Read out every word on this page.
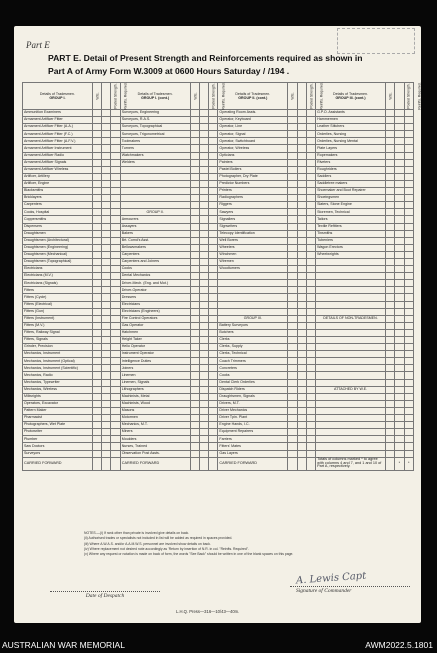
Part E
PART E. Detail of Present Strength and Reinforcements required as shown in
Part A of Army Form W.3009 at 0600 Hours Saturday / /194 .
Details of Tradesmen.

GROUP I.	W.E.	Posted Strength.	Reinfts. Required.	Details of Tradesmen.

GROUP I. (cont.)	W.E.	Posted Strength.	Reinfts. Required.	Details of Tradesmen.

GROUP II. (cont.)	W.E.	Posted Strength.	Reinfts. Required.	Details of Tradesmen.

GROUP III. (cont.)	W.E.	Posted Strength.	Reinfts. Required.
Ammunition Examiners				Surveyors, Engineering				Operating Room Assts.				G.P.O. Assistants			
Armament Artificer Fitter				Surveyors, R.A.S.				Operator, Keyboard				Hammermen			
Armament Artificer Fitter (A.A.)				Surveyors, Topographical				Operator, Line				Leather Stitchers			
Armament Artificer Fitter (F.C.)				Surveyors, Trigonometrical				Operator, Signal				Orderlies, Nursing			
Armament Artificer Fitter (A.F.V.)				Toolmakers				Operator, Switchboard				Orderlies, Nursing Mental			
Armament Artificer Instrument				Turners				Operator, Wireless				Plate Layers			
Armament Artificer Radio				Watchmakers				Opticians				Ropemakers			
Armament Artificer Signals				Welders				Painters				Riveters			
Armament Artificer Wireless								Pastel Boilers				Roughriders			
Artificer, Artillery								Photographer, Dry Plate				Saddlers			
Artificer, Engine								Predictor Numbers				Saddletree makers			
Blacksmiths								Printers				Shoemaker and Boot Repairer			
Bricklayers								Radiographers				Shoeingsmen			
Carpenters								Riggers				Slaters, Stone Engine			
Cooks, Hospital				GROUP II.				Sawyers				Storemen, Technical			
Coppersmiths				Armourers				Signallers				Tailors			
Dispensers				Assayers				Signwriters				Textile Refitters			
Draughtsmen				Bakers				Telecopy Identification				Tinsmiths			
Draughtsmen (Architectural)				Brt. Comd's Asst.				Well Borers				Tubeniers			
Draughtsmen (Engineering)				Bellowsmakers				Wheelers				Wagon Erectors			
Draughtsmen (Mechanical)				Carpenters				Winchmen				Wheelwrights			
Draughtsmen (Topographical)				Carpenters and Joiners				Wiremen							
Electricians				Cooks				Woodturners							
Electricians (M.V.)				Dental Mechanics											
Electricians (Signals)				Driver-Mech. (Eng. and Mot.)											
Fitters				Driver-Operator											
Fitters (Cycle)				Dressers											
Fitters (Electrical)				Electricians											
Fitters (Gun)				Electricians (Engineers)											
Fitters (Instrument)				Fire Control Operators				GROUP III.				DETAILS OF NON-TRADESMEN.			
Fitters (M.V.)				Gas Operator				Battery Surveyors							
Fitters, Railway Signal				Hatchmen				Butchers							
Fitters, Signals				Height Taker				Clerks							
Grinder, Precision				Helio Operator				Clerks, Supply							
Mechanics, Instrument				Instrument Operator				Clerks, Technical							
Mechanics, Instrument (Optical)				Intelligence Duties				Coach Trimmers							
Mechanics, Instrument (Scientific)				Joiners				Concreters							
Mechanics, Radio				Linemen				Cooks							
Mechanics, Typewriter				Linemen, Signals				Dental Clerk Orderlies							
Mechanics, Wireless				Lithographers				Dispatch Riders				ATTACHED BY W.E.			
Millwrights				Machinists, Metal				Draughtsmen, Signals							
Operators, Excavator				Machinists, Wood				Drivers, M.T.							
Pattern Maker				Masons				Driver Mechanics							
Pharmacist				Motormen				Driver Tpin. Plant							
Photographers, Wet Plate				Mechanics, M.T.				Engine Hands, I.C.							
Photowriter				Miners				Equipment Repairers							
Plumber				Moulders				Farriers							
Saw Doctors				Nurses, Trained				Fitters' Mates							
Surveyors				Observation Post Assts.				Gas Layers							
CARRIED FORWARD				CARRIED FORWARD				CARRIED FORWARD				Totals of columns marked * to agree with columns 4 and 7, and 1 and 10 of Part A, respectively.		*	*
NOTES.—(i) If rank other than private is involved give details on back.
(ii) Authorised trades or specialists not included in list will be added as required in spaces provided.
(iii) Where A.W.A.S. and/or A.A.M.W.S. personnel are involved show details on back.
(iv) Where replacement not desired note accordingly as 'Return by insertion of N.R. in col. "Reinfts. Required".
(v) Where any request or notation is made on back of form, the words "See Back" should be written in one of the blank spaces on this page.
Date of Despatch
A. Lewis Capt
Signature of Commander
L.H.Q. Press—316—10/43—40m.
AUSTRALIAN WAR MEMORIAL	AWM2022.5.1801
